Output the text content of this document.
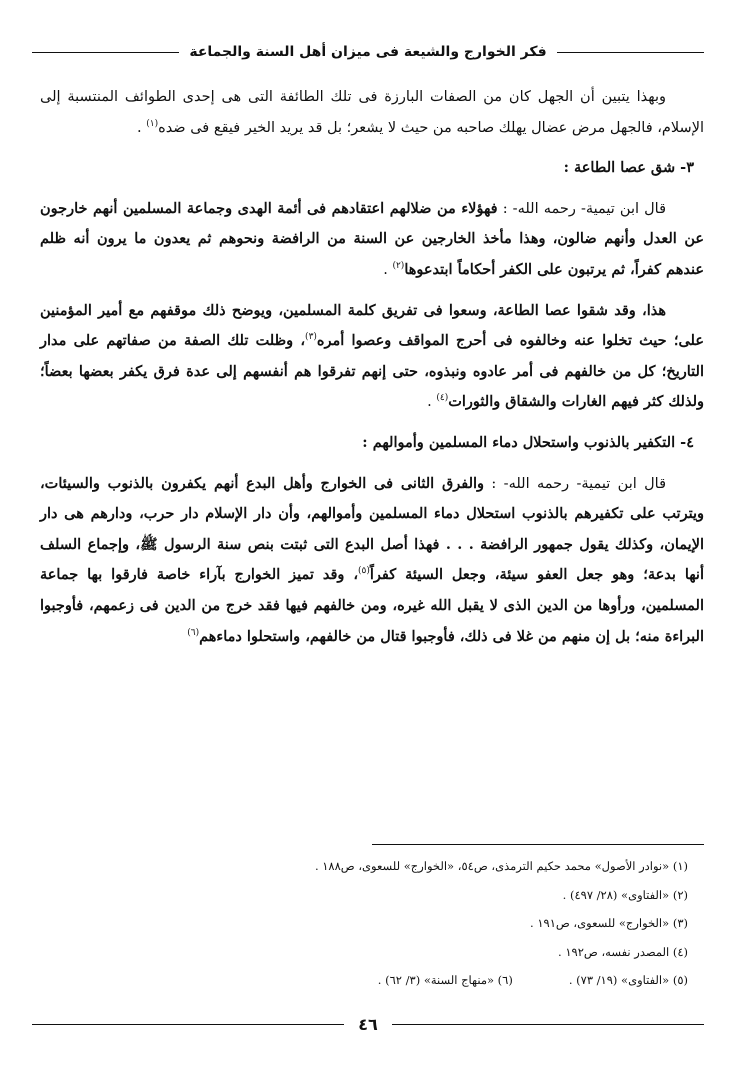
فكر الخوارج والشيعة فى ميزان أهل السنة والجماعة

وبهذا يتبين أن الجهل كان من الصفات البارزة فى تلك الطائفة التى هى إحدى الطوائف المنتسبة إلى الإسلام، فالجهل مرض عضال يهلك صاحبه من حيث لا يشعر؛ بل قد يريد الخير فيقع فى ضده$^{(١)}$ .

٣- شق عصا الطاعة :

قال ابن تيمية- رحمه الله- : فهؤلاء من ضلالهم اعتقادهم فى أئمة الهدى وجماعة المسلمين أنهم خارجون عن العدل وأنهم ضالون، وهذا مأخذ الخارجين عن السنة من الرافضة ونحوهم ثم يعدون ما يرون أنه ظلم عندهم كفراً، ثم يرتبون على الكفر أحكاماً ابتدعوها$^{(٢)}$ .

هذا، وقد شقوا عصا الطاعة، وسعوا فى تفريق كلمة المسلمين، ويوضح ذلك موقفهم مع أمير المؤمنين على؛ حيث تخلوا عنه وخالفوه فى أحرج المواقف وعصوا أمره$^{(٣)}$، وظلت تلك الصفة من صفاتهم على مدار التاريخ؛ كل من خالفهم فى أمر عادوه ونبذوه، حتى إنهم تفرقوا هم أنفسهم إلى عدة فرق يكفر بعضها بعضاً؛ ولذلك كثر فيهم الغارات والشقاق والثورات$^{(٤)}$ .

٤- التكفير بالذنوب واستحلال دماء المسلمين وأموالهم :

قال ابن تيمية- رحمه الله- : والفرق الثانى فى الخوارج وأهل البدع أنهم يكفرون بالذنوب والسيئات، ويترتب على تكفيرهم بالذنوب استحلال دماء المسلمين وأموالهم، وأن دار الإسلام دار حرب، ودارهم هى دار الإيمان، وكذلك يقول جمهور الرافضة . . . فهذا أصل البدع التى ثبتت بنص سنة الرسول ﷺ، وإجماع السلف أنها بدعة؛ وهو جعل العفو سيئة، وجعل السيئة كفراً$^{(٥)}$، وقد تميز الخوارج بآراء خاصة فارقوا بها جماعة المسلمين، ورأوها من الدين الذى لا يقبل الله غيره، ومن خالفهم فيها فقد خرج من الدين فى زعمهم، فأوجبوا البراءة منه؛ بل إن منهم من غلا فى ذلك، فأوجبوا قتال من خالفهم، واستحلوا دماءهم$^{(٦)}$

(١) «نوادر الأصول» محمد حكيم الترمذى، ص٥٤، «الخوارج» للسعوى، ص١٨٨ .

(٢) «الفتاوى» (٢٨/ ٤٩٧) .

(٣) «الخوارج» للسعوى، ص١٩١ .

(٤) المصدر نفسه، ص١٩٢ .

(٥) «الفتاوى» (١٩/ ٧٣) .
(٦) «منهاج السنة» (٣/ ٦٢) .
٤٦
